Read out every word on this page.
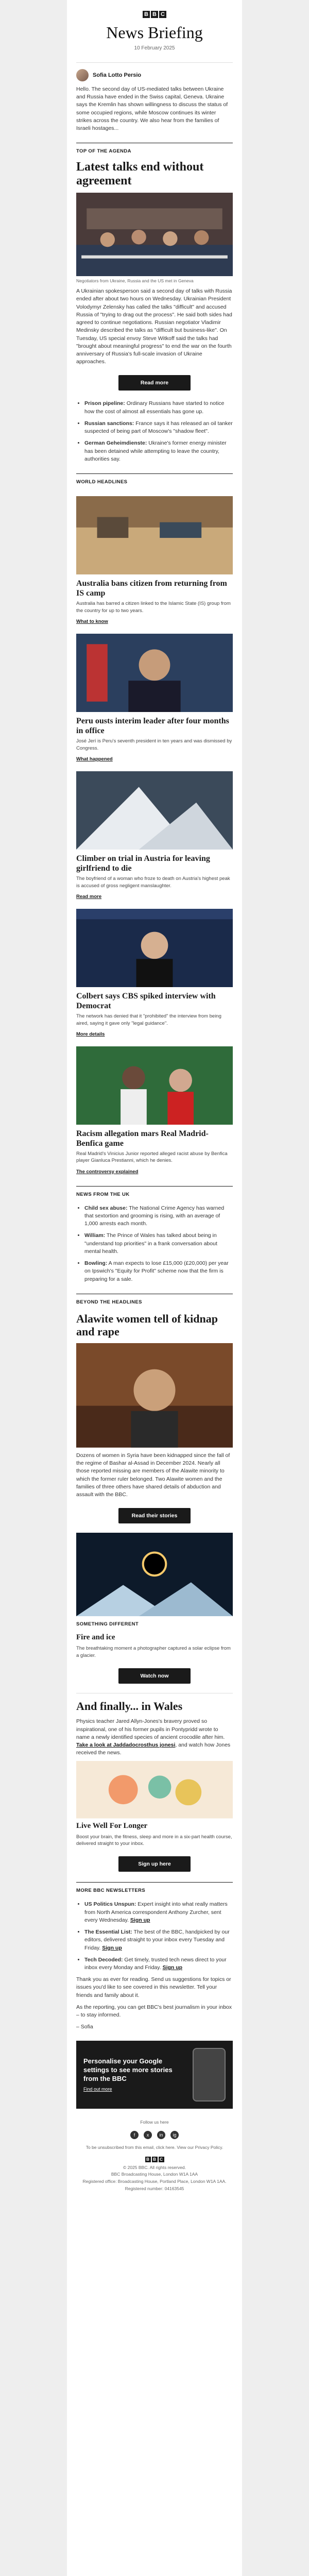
B B C
News Briefing
10 February 2025
Sofia Lotto Persio

Hello. The second day of US-mediated talks between Ukraine and Russia have ended in the Swiss capital, Geneva. Ukraine says the Kremlin has shown willingness to discuss the status of some occupied regions, while Moscow continues its winter strikes across the country. We also hear from the families of Israeli hostages...

TOP OF THE AGENDA
Latest talks end without agreement
Negotiators from Ukraine, Russia and the US met in Geneva

A Ukrainian spokesperson said a second day of talks with Russia ended after about two hours on Wednesday. Ukrainian President Volodymyr Zelensky has called the talks "difficult" and accused Russia of "trying to drag out the process". He said both sides had agreed to continue negotiations. Russian negotiator Vladimir Medinsky described the talks as "difficult but business-like". On Tuesday, US special envoy Steve Witkoff said the talks had "brought about meaningful progress" to end the war on the fourth anniversary of Russia's full-scale invasion of Ukraine approaches.

Read more
• Prison pipeline: Ordinary Russians have started to notice how the cost of almost all essentials has gone up.
• Russian sanctions: France says it has released an oil tanker suspected of being part of Moscow's "shadow fleet".
• German Geheimdienste: Ukraine's former energy minister has been detained while attempting to leave the country, authorities say.
WORLD HEADLINES
Australia bans citizen from returning from IS camp

Australia has barred a citizen linked to the Islamic State (IS) group from the country for up to two years.

What to know
Peru ousts interim leader after four months in office

José Jerí is Peru's seventh president in ten years and was dismissed by Congress.

What happened
Climber on trial in Austria for leaving girlfriend to die

The boyfriend of a woman who froze to death on Austria's highest peak is accused of gross negligent manslaughter.

Read more
Colbert says CBS spiked interview with Democrat

The network has denied that it "prohibited" the interview from being aired, saying it gave only "legal guidance".

More details
Racism allegation mars Real Madrid-Benfica game

Real Madrid's Vinicius Junior reported alleged racist abuse by Benfica player Gianluca Prestianni, which he denies.

The controversy explained
NEWS FROM THE UK
• Child sex abuse: The National Crime Agency has warned that sextortion and grooming is rising, with an average of 1,000 arrests each month.
• William: The Prince of Wales has talked about being in "understand top priorities" in a frank conversation about mental health.
• Bowling: A man expects to lose £15,000 (£20,000) per year on Ipswich's "Equity for Profit" scheme now that the firm is preparing for a sale.
BEYOND THE HEADLINES
Alawite women tell of kidnap and rape

Dozens of women in Syria have been kidnapped since the fall of the regime of Bashar al-Assad in December 2024. Nearly all those reported missing are members of the Alawite minority to which the former ruler belonged. Two Alawite women and the families of three others have shared details of abduction and assault with the BBC.

Read their stories
SOMETHING DIFFERENT
Fire and ice

The breathtaking moment a photographer captured a solar eclipse from a glacier.

Watch now
And finally... in Wales

Physics teacher Jared Allyn-Jones's bravery proved so inspirational, one of his former pupils in Pontypridd wrote to name a newly identified species of ancient crocodile after him. Take a look at Jaddadocrosthus jonesi, and watch how Jones received the news.

Live Well For Longer

Boost your brain, the fitness, sleep and more in a six-part health course, delivered straight to your inbox.

Sign up here
MORE BBC NEWSLETTERS
• US Politics Unspun: Expert insight into what really matters from North America correspondent Anthony Zurcher, sent every Wednesday. Sign up
• The Essential List: The best of the BBC, handpicked by our editors, delivered straight to your inbox every Tuesday and Friday. Sign up
• Tech Decoded: Get timely, trusted tech news direct to your inbox every Monday and Friday. Sign up

Thank you as ever for reading. Send us suggestions for topics or issues you'd like to see covered in this newsletter. Tell your friends and family about it.

As the reporting, you can get BBC's best journalism in your inbox – to stay informed.

– Sofia

Personalise your Google settings to see more stories from the BBC
Find out more
Follow us here
f	x	in	ig
To be unsubscribed from this email, click here. View our Privacy Policy.
B B C
© 2025 BBC. All rights reserved.
BBC Broadcasting House, London W1A 1AA
Registered office: Broadcasting House, Portland Place, London W1A 1AA. Registered number: 04163545
